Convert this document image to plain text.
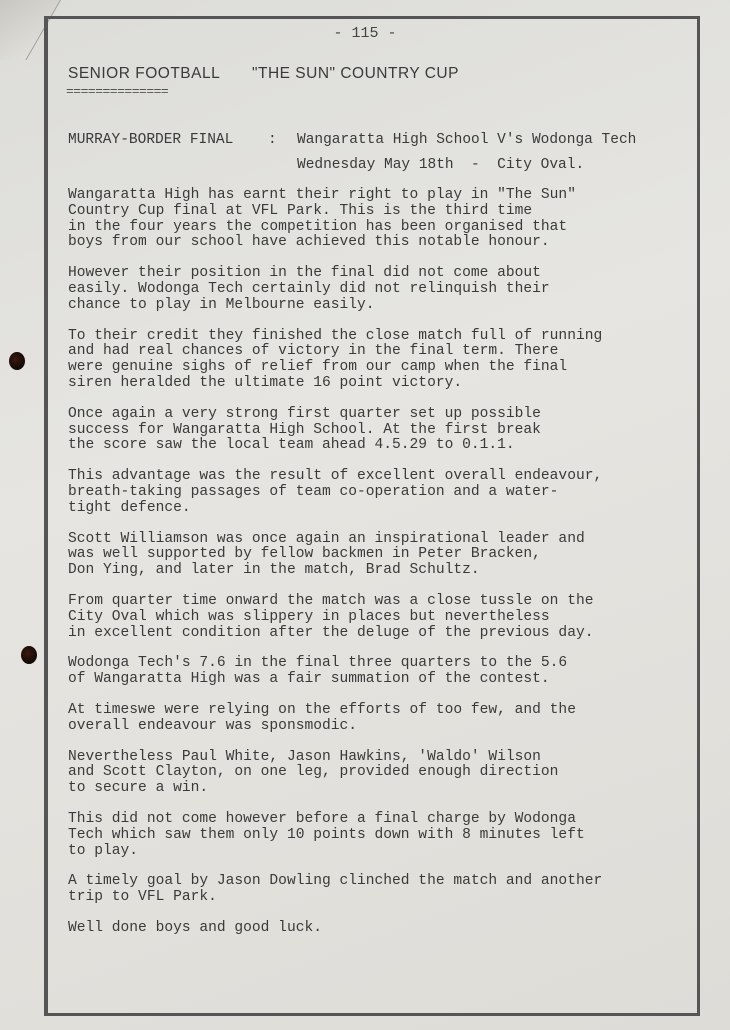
- 115 -
SENIOR FOOTBALL
==============
"THE SUN" COUNTRY CUP
MURRAY-BORDER FINAL : Wangaratta High School V's Wodonga Tech
Wednesday May 18th  -  City Oval.

Wangaratta High has earnt their right to play in "The Sun"
Country Cup final at VFL Park. This is the third time
in the four years the competition has been organised that
boys from our school have achieved this notable honour.

However their position in the final did not come about
easily. Wodonga Tech certainly did not relinquish their
chance to play in Melbourne easily.

To their credit they finished the close match full of running
and had real chances of victory in the final term. There
were genuine sighs of relief from our camp when the final
siren heralded the ultimate 16 point victory.

Once again a very strong first quarter set up possible
success for Wangaratta High School. At the first break
the score saw the local team ahead 4.5.29 to 0.1.1.

This advantage was the result of excellent overall endeavour,
breath-taking passages of team co-operation and a water-
tight defence.

Scott Williamson was once again an inspirational leader and
was well supported by fellow backmen in Peter Bracken,
Don Ying, and later in the match, Brad Schultz.

From quarter time onward the match was a close tussle on the
City Oval which was slippery in places but nevertheless
in excellent condition after the deluge of the previous day.

Wodonga Tech's 7.6 in the final three quarters to the 5.6
of Wangaratta High was a fair summation of the contest.

At timeswe were relying on the efforts of too few, and the
overall endeavour was sponsmodic.

Nevertheless Paul White, Jason Hawkins, 'Waldo' Wilson
and Scott Clayton, on one leg, provided enough direction
to secure a win.

This did not come however before a final charge by Wodonga
Tech which saw them only 10 points down with 8 minutes left
to play.

A timely goal by Jason Dowling clinched the match and another
trip to VFL Park.

Well done boys and good luck.
